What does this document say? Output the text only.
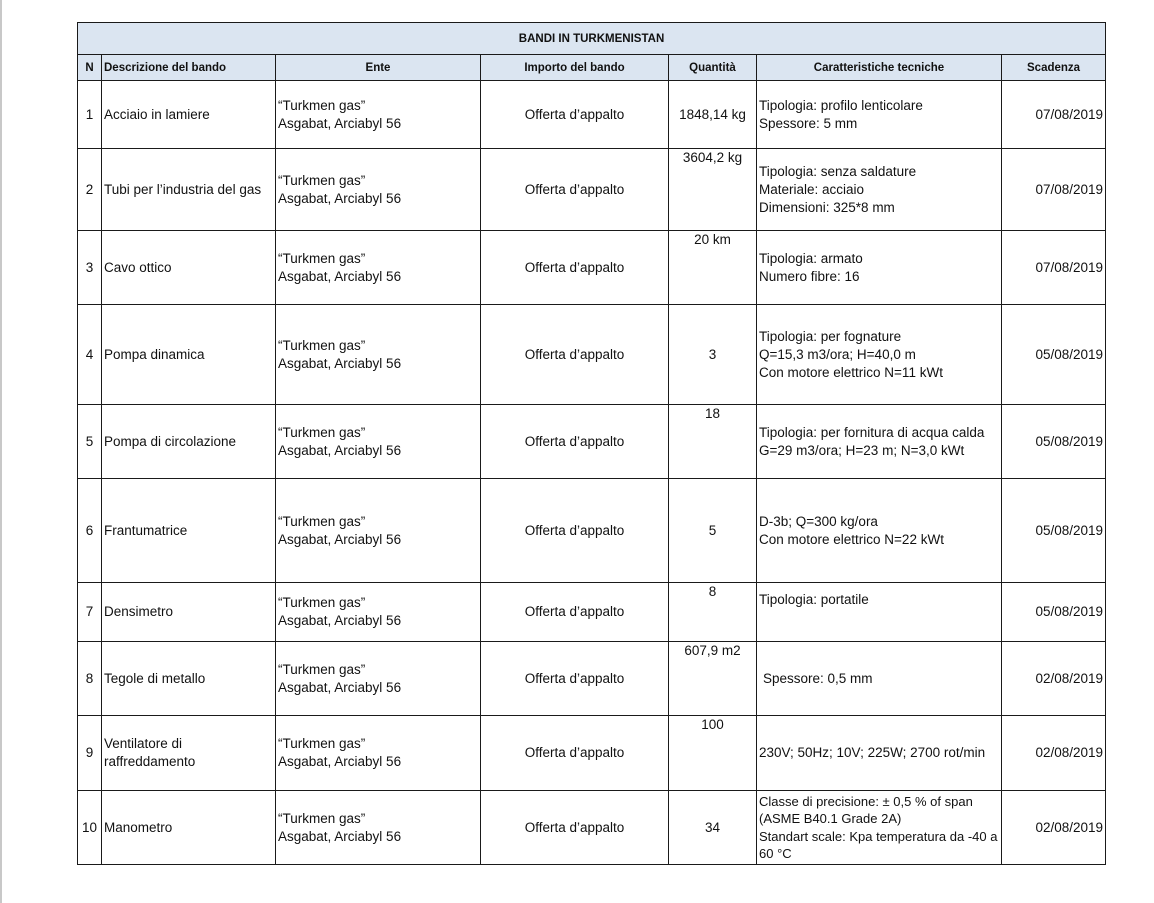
BANDI IN TURKMENISTAN						
N	Descrizione del bando	Ente	Importo del bando	Quantità	Caratteristiche tecniche	Scadenza
1	Acciaio in lamiere	“Turkmen gas”
Asgabat, Arciabyl 56	Offerta d’appalto	1848,14 kg	Tipologia: profilo lenticolare
Spessore: 5 mm	07/08/2019
2	Tubi per l’industria del gas	“Turkmen gas”
Asgabat, Arciabyl 56	Offerta d’appalto	3604,2 kg	Tipologia: senza saldature
Materiale: acciaio
Dimensioni: 325*8 mm	07/08/2019
3	Cavo ottico	“Turkmen gas”
Asgabat, Arciabyl 56	Offerta d’appalto	20 km	Tipologia: armato
Numero fibre: 16	07/08/2019
4	Pompa dinamica	“Turkmen gas”
Asgabat, Arciabyl 56	Offerta d’appalto	3	Tipologia: per fognature
Q=15,3 m3/ora; H=40,0 m
Con motore elettrico N=11 kWt	05/08/2019
5	Pompa di circolazione	“Turkmen gas”
Asgabat, Arciabyl 56	Offerta d’appalto	18	Tipologia: per fornitura di acqua calda G=29 m3/ora; H=23 m; N=3,0 kWt	05/08/2019
6	Frantumatrice	“Turkmen gas”
Asgabat, Arciabyl 56	Offerta d’appalto	5	D-3b; Q=300 kg/ora
Con motore elettrico N=22 kWt	05/08/2019
7	Densimetro	“Turkmen gas”
Asgabat, Arciabyl 56	Offerta d’appalto	8	Tipologia: portatile	05/08/2019
8	Tegole di metallo	“Turkmen gas”
Asgabat, Arciabyl 56	Offerta d’appalto	607,9 m2	Spessore: 0,5 mm	02/08/2019
9	Ventilatore di raffreddamento	“Turkmen gas”
Asgabat, Arciabyl 56	Offerta d’appalto	100	230V; 50Hz; 10V; 225W; 2700 rot/min	02/08/2019
10	Manometro	“Turkmen gas”
Asgabat, Arciabyl 56	Offerta d’appalto	34	Classe di precisione: ± 0,5 % of span (ASME B40.1 Grade 2A)
Standart scale: Kpa temperatura da -40 a 60 °C	02/08/2019
